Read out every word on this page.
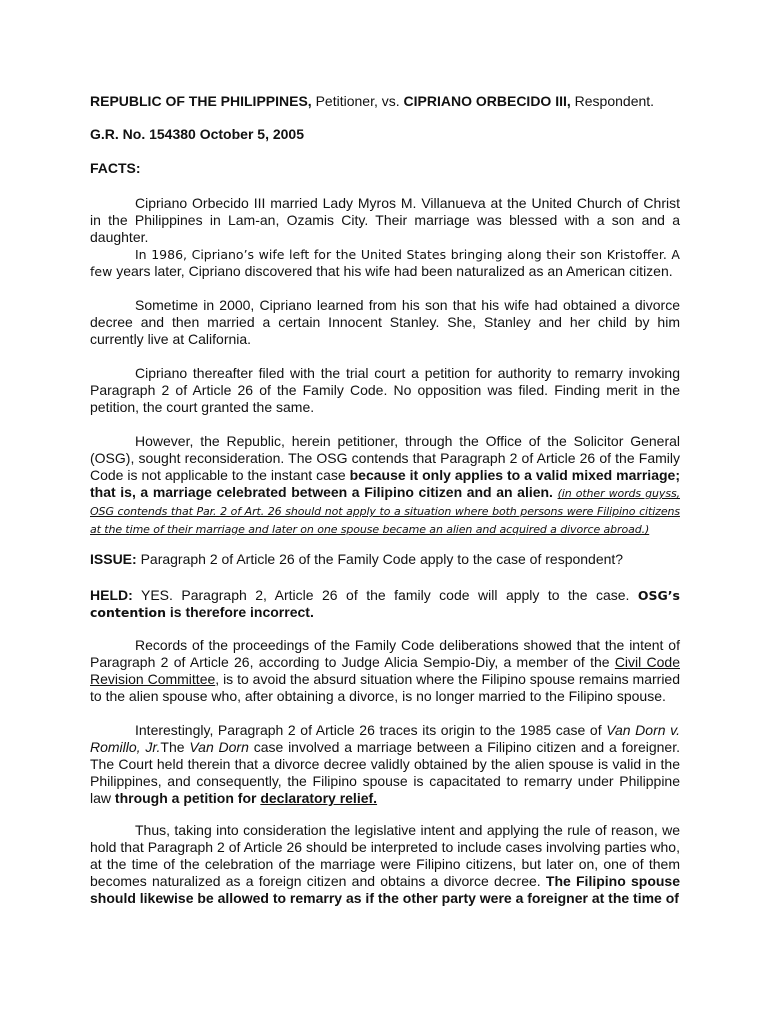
REPUBLIC OF THE PHILIPPINES, Petitioner, vs. CIPRIANO ORBECIDO III, Respondent.

G.R. No. 154380 October 5, 2005

FACTS:

Cipriano Orbecido III married Lady Myros M. Villanueva at the United Church of Christ in the Philippines in Lam-an, Ozamis City. Their marriage was blessed with a son and a daughter.

In 1986, Cipriano’s wife left for the United States bringing along their son Kristoffer. A few years later, Cipriano discovered that his wife had been naturalized as an American citizen.

Sometime in 2000, Cipriano learned from his son that his wife had obtained a divorce decree and then married a certain Innocent Stanley. She, Stanley and her child by him currently live at California.

Cipriano thereafter filed with the trial court a petition for authority to remarry invoking Paragraph 2 of Article 26 of the Family Code. No opposition was filed. Finding merit in the petition, the court granted the same.

However, the Republic, herein petitioner, through the Office of the Solicitor General (OSG), sought reconsideration. The OSG contends that Paragraph 2 of Article 26 of the Family Code is not applicable to the instant case because it only applies to a valid mixed marriage; that is, a marriage celebrated between a Filipino citizen and an alien. (in other words guyss, OSG contends that Par. 2 of Art. 26 should not apply to a situation where both persons were Filipino citizens at the time of their marriage and later on one spouse became an alien and acquired a divorce abroad.)

ISSUE: Paragraph 2 of Article 26 of the Family Code apply to the case of respondent?

HELD: YES. Paragraph 2, Article 26 of the family code will apply to the case. OSG’s contention is therefore incorrect.

Records of the proceedings of the Family Code deliberations showed that the intent of Paragraph 2 of Article 26, according to Judge Alicia Sempio-Diy, a member of the Civil Code Revision Committee, is to avoid the absurd situation where the Filipino spouse remains married to the alien spouse who, after obtaining a divorce, is no longer married to the Filipino spouse.

Interestingly, Paragraph 2 of Article 26 traces its origin to the 1985 case of Van Dorn v. Romillo, Jr.The Van Dorn case involved a marriage between a Filipino citizen and a foreigner. The Court held therein that a divorce decree validly obtained by the alien spouse is valid in the Philippines, and consequently, the Filipino spouse is capacitated to remarry under Philippine law through a petition for declaratory relief.

Thus, taking into consideration the legislative intent and applying the rule of reason, we hold that Paragraph 2 of Article 26 should be interpreted to include cases involving parties who, at the time of the celebration of the marriage were Filipino citizens, but later on, one of them becomes naturalized as a foreign citizen and obtains a divorce decree. The Filipino spouse should likewise be allowed to remarry as if the other party were a foreigner at the time of
